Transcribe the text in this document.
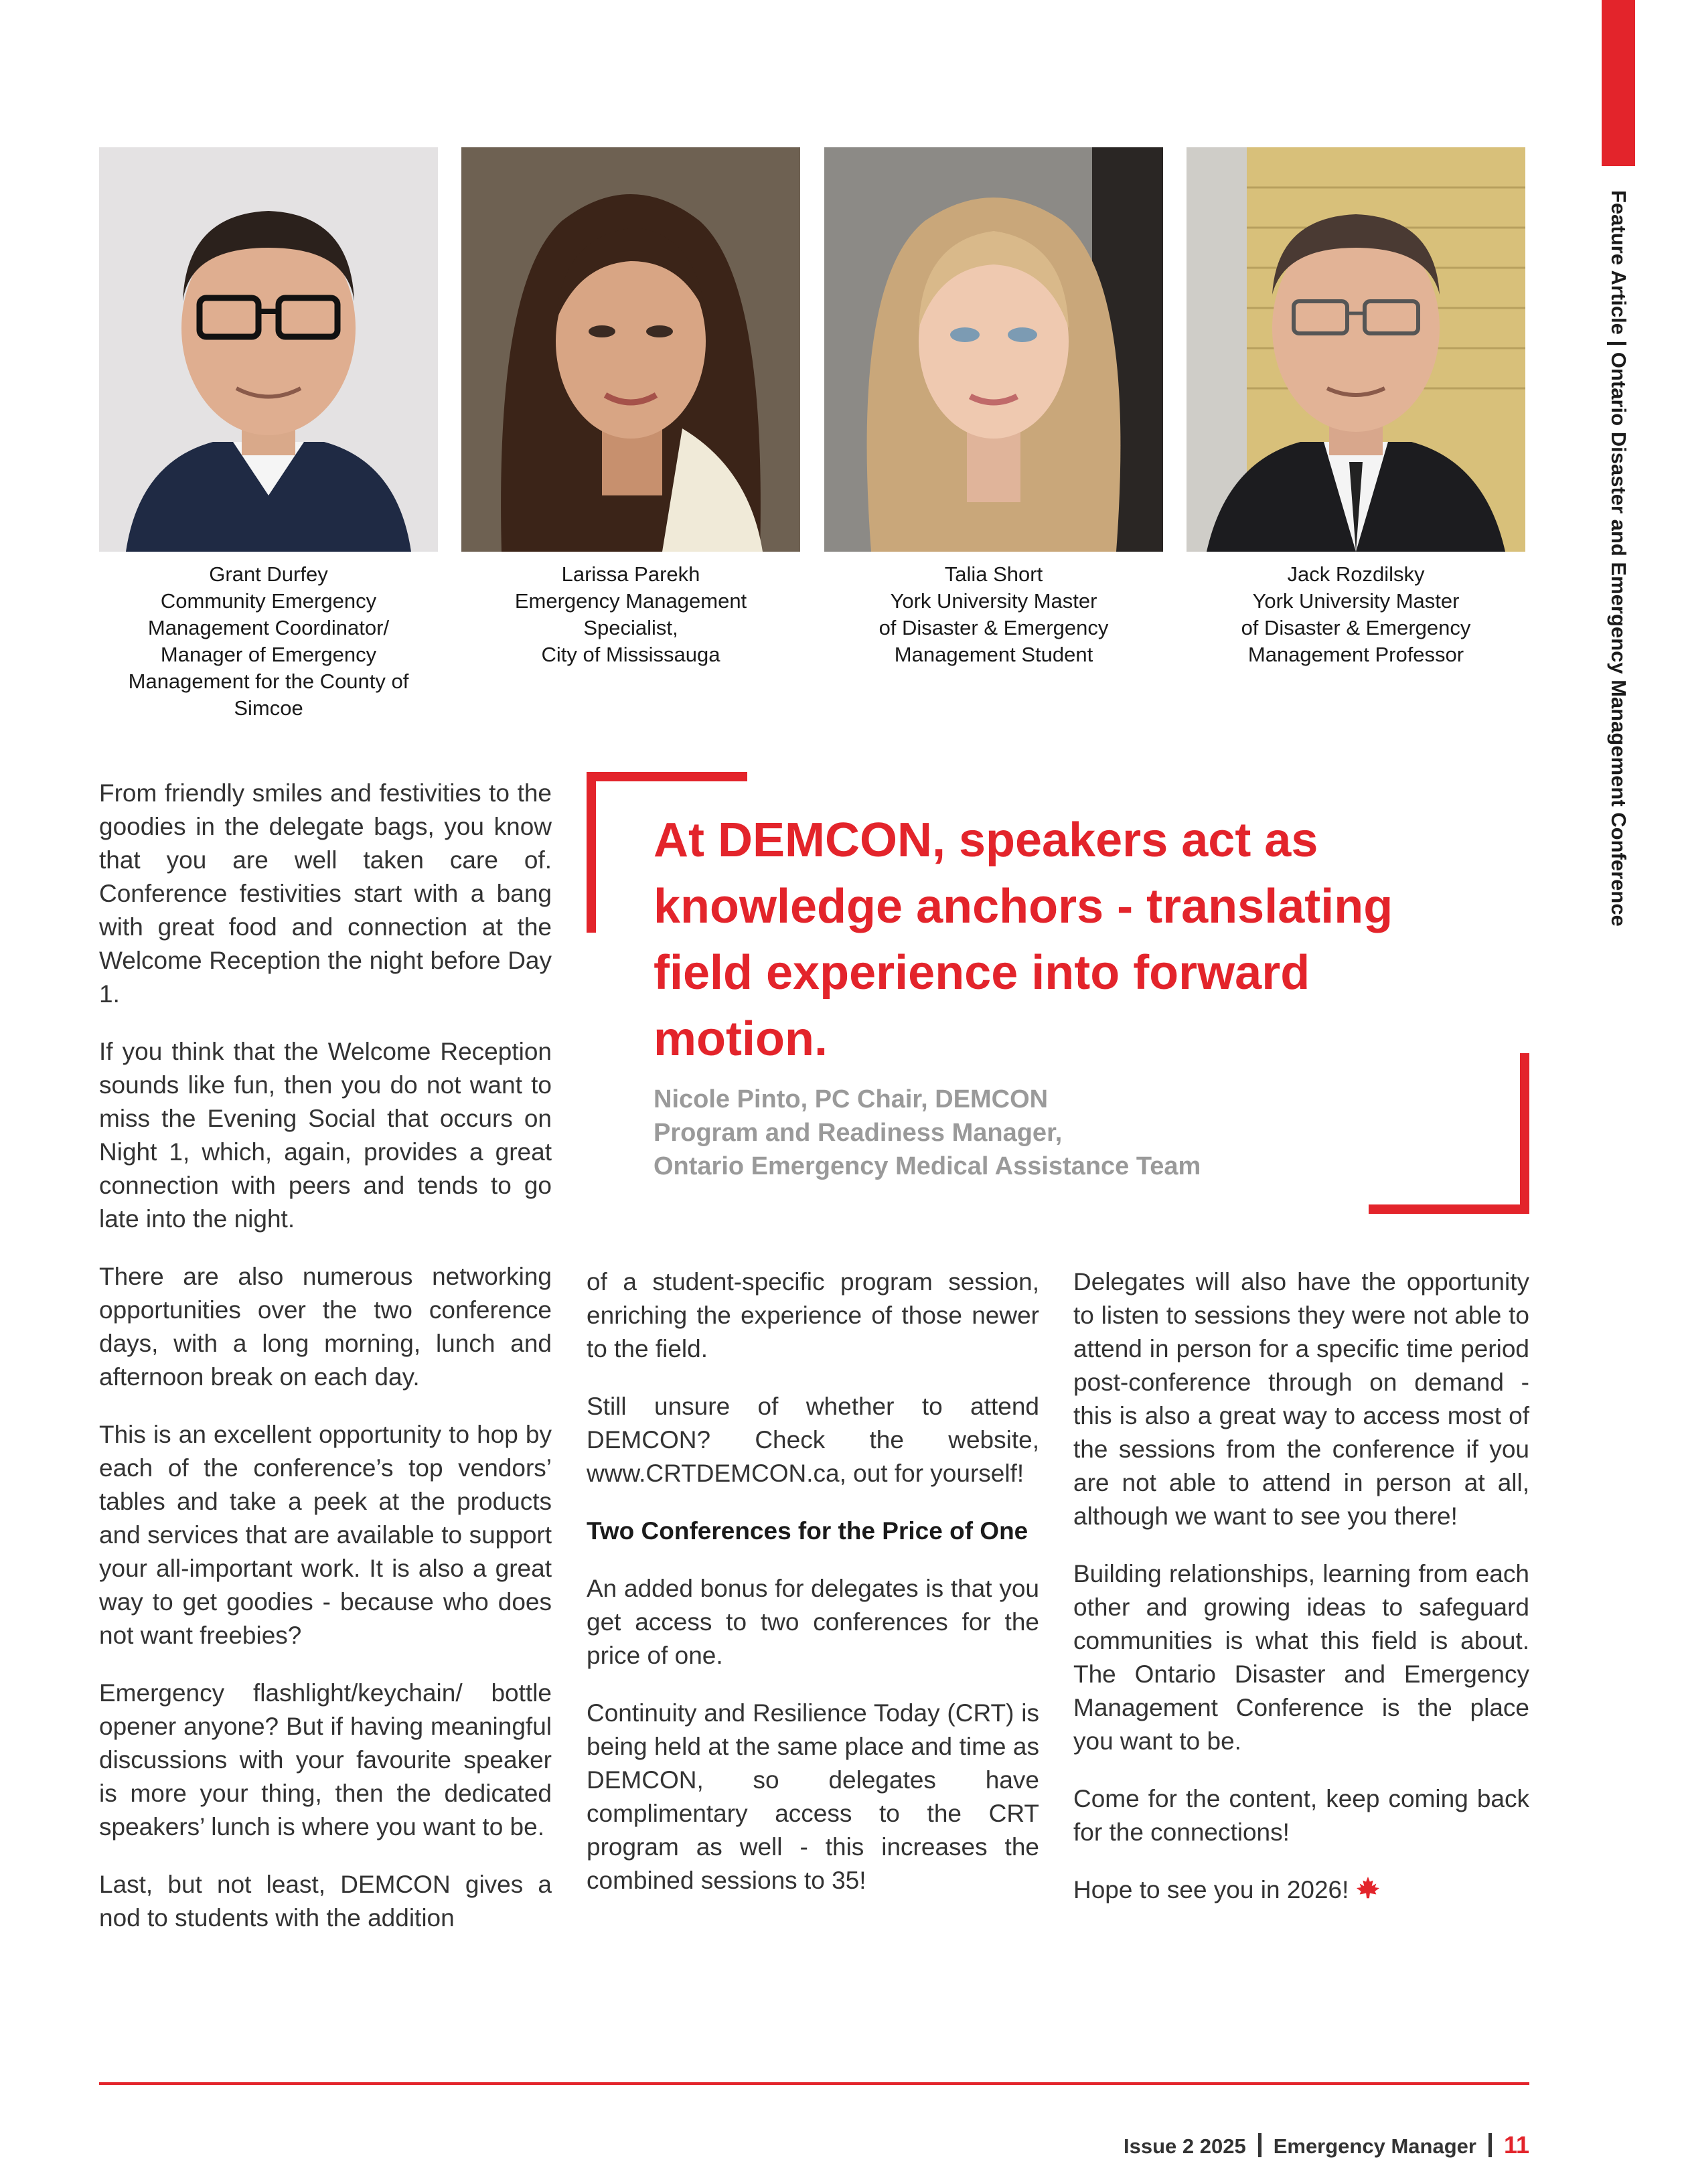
Feature Article | Ontario Disaster and Emergency Management Conference
Grant Durfey
Community Emergency
Management Coordinator/
Manager of Emergency
Management for the County of
Simcoe
Larissa Parekh
Emergency Management
Specialist,
City of Mississauga
Talia Short
York University Master
of Disaster & Emergency
Management Student
Jack Rozdilsky
York University Master
of Disaster & Emergency
Management Professor

From friendly smiles and festivities to the goodies in the delegate bags, you know that you are well taken care of. Conference festivities start with a bang with great food and connection at the Welcome Reception the night before Day 1.

If you think that the Welcome Reception sounds like fun, then you do not want to miss the Evening Social that occurs on Night 1, which, again, provides a great connection with peers and tends to go late into the night.

There are also numerous networking opportunities over the two conference days, with a long morning, lunch and afternoon break on each day.

This is an excellent opportunity to hop by each of the conference’s top vendors’ tables and take a peek at the products and services that are available to support your all-important work. It is also a great way to get goodies - because who does not want freebies?

Emergency flashlight/keychain/ bottle opener anyone? But if having meaningful discussions with your favourite speaker is more your thing, then the dedicated speakers’ lunch is where you want to be.

Last, but not least, DEMCON gives a nod to students with the addition

At DEMCON, speakers act as knowledge anchors - translating field experience into forward motion.
Nicole Pinto, PC Chair, DEMCON
Program and Readiness Manager,
Ontario Emergency Medical Assistance Team

of a student-specific program session, enriching the experience of those newer to the field.

Still unsure of whether to attend DEMCON? Check the website, www.CRTDEMCON.ca, out for yourself!

Two Conferences for the Price of One

An added bonus for delegates is that you get access to two conferences for the price of one.

Continuity and Resilience Today (CRT) is being held at the same place and time as DEMCON, so delegates have complimentary access to the CRT program as well - this increases the combined sessions to 35!

Delegates will also have the opportunity to listen to sessions they were not able to attend in person for a specific time period post-conference through on demand - this is also a great way to access most of the sessions from the conference if you are not able to attend in person at all, although we want to see you there!

Building relationships, learning from each other and growing ideas to safeguard communities is what this field is about. The Ontario Disaster and Emergency Management Conference is the place you want to be.

Come for the content, keep coming back for the connections!

Hope to see you in 2026!

Issue 2 2025 Emergency Manager 11
